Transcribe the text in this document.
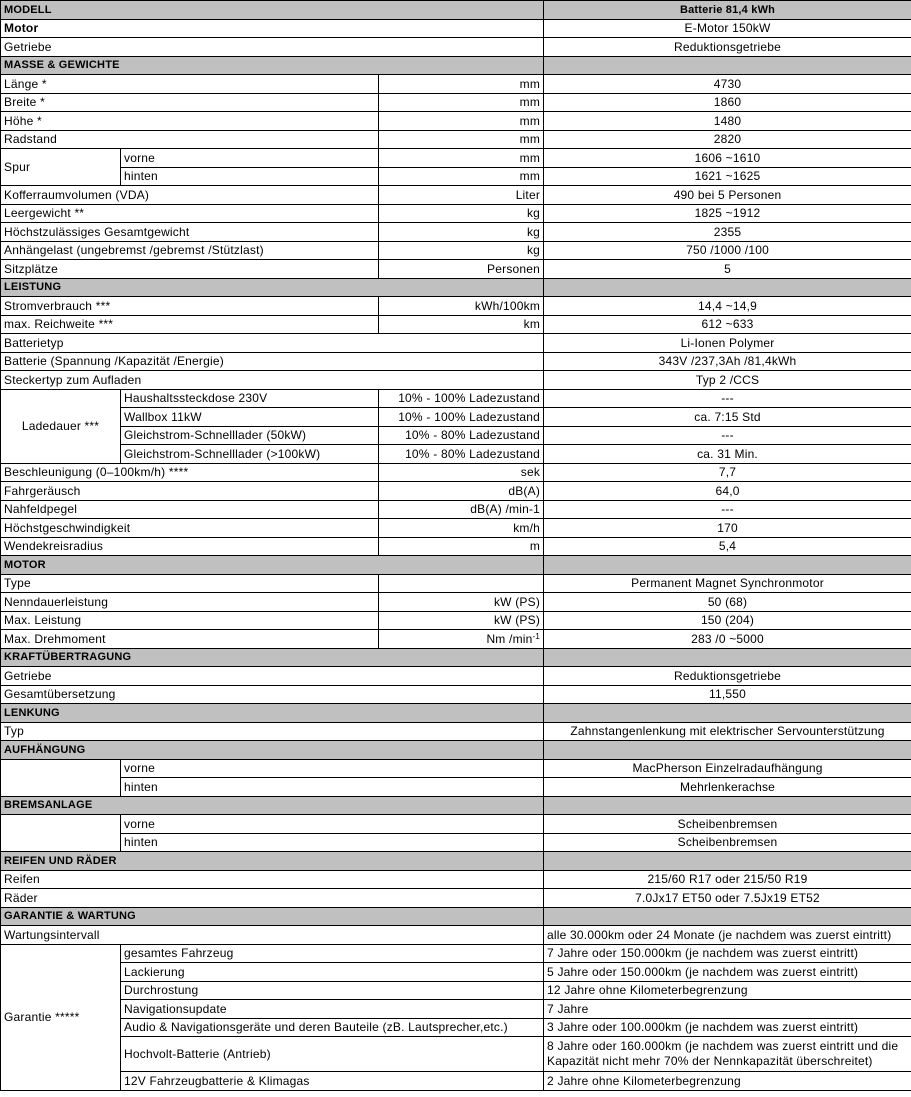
MODELL			Batterie 81,4 kWh
Motor			E-Motor 150kW
Getriebe			Reduktionsgetriebe
MASSE & GEWICHTE			
Länge *		mm	4730
Breite *		mm	1860
Höhe *		mm	1480
Radstand		mm	2820
Spur	vorne	mm	1606 ~1610
	hinten	mm	1621 ~1625
Kofferraumvolumen (VDA)		Liter	490 bei 5 Personen
Leergewicht **		kg	1825 ~1912
Höchstzulässiges Gesamtgewicht		kg	2355
Anhängelast (ungebremst /gebremst /Stützlast)		kg	750 /1000 /100
Sitzplätze		Personen	5
LEISTUNG			
Stromverbrauch ***		kWh/100km	14,4 ~14,9
max. Reichweite ***		km	612 ~633
Batterietyp			Li-Ionen Polymer
Batterie (Spannung /Kapazität /Energie)			343V /237,3Ah /81,4kWh
Steckertyp zum Aufladen			Typ 2 /CCS
Ladedauer ***	Haushaltssteckdose 230V	10% - 100% Ladezustand	---
	Wallbox 11kW	10% - 100% Ladezustand	ca. 7:15 Std
	Gleichstrom-Schnelllader (50kW)	10% - 80% Ladezustand	---
	Gleichstrom-Schnelllader (>100kW)	10% - 80% Ladezustand	ca. 31 Min.
Beschleunigung (0–100km/h) ****		sek	7,7
Fahrgeräusch		dB(A)	64,0
Nahfeldpegel		dB(A) /min-1	---
Höchstgeschwindigkeit		km/h	170
Wendekreisradius		m	5,4
MOTOR			
Type			Permanent Magnet Synchronmotor
Nenndauerleistung		kW (PS)	50 (68)
Max. Leistung		kW (PS)	150 (204)
Max. Drehmoment		Nm $/\min^{-1}$	283 /0 ~5000
KRAFTÜBERTRAGUNG			
Getriebe			Reduktionsgetriebe
Gesamtübersetzung			11,550
LENKUNG			
Typ			Zahnstangenlenkung mit elektrischer Servounterstützung
AUFHÄNGUNG			
	vorne		MacPherson Einzelradaufhängung
	hinten		Mehrlenkerachse
BREMSANLAGE			
	vorne		Scheibenbremsen
	hinten		Scheibenbremsen
REIFEN UND RÄDER			
Reifen			215/60 R17 oder 215/50 R19
Räder			7.0Jx17 ET50 oder 7.5Jx19 ET52
GARANTIE & WARTUNG			
Wartungsintervall			alle 30.000km oder 24 Monate (je nachdem was zuerst eintritt)
Garantie *****	gesamtes Fahrzeug		7 Jahre oder 150.000km (je nachdem was zuerst eintritt)
	Lackierung		5 Jahre oder 150.000km (je nachdem was zuerst eintritt)
	Durchrostung		12 Jahre ohne Kilometerbegrenzung
	Navigationsupdate		7 Jahre
	Audio & Navigationsgeräte und deren Bauteile (zB. Lautsprecher,etc.)		3 Jahre oder 100.000km (je nachdem was zuerst eintritt)
	Hochvolt-Batterie (Antrieb)		8 Jahre oder 160.000km (je nachdem was zuerst eintritt und die Kapazität nicht mehr 70% der Nennkapazität überschreitet)
	12V Fahrzeugbatterie & Klimagas		2 Jahre ohne Kilometerbegrenzung
